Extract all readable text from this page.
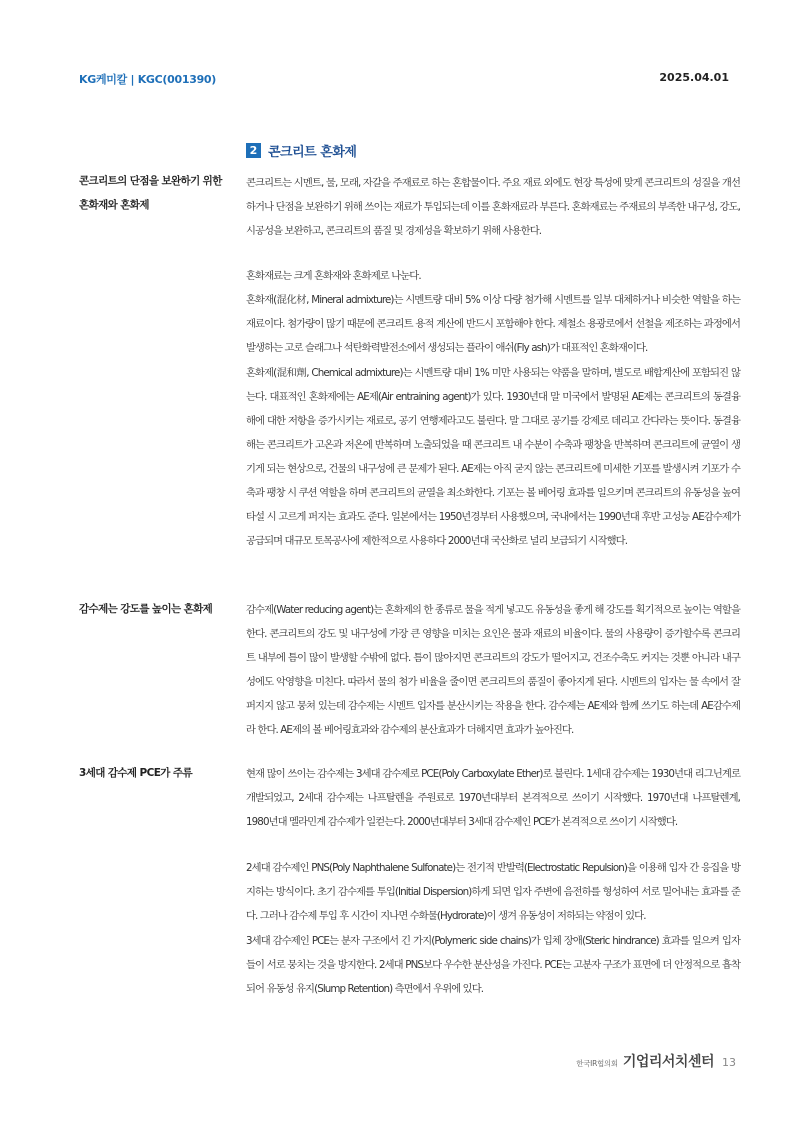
KG케미칼 | KGC(001390)	2025.04.01
2 콘크리트 혼화제
콘크리트의 단점을 보완하기 위한
혼화재와 혼화제
감수제는 강도를 높이는 혼화제
3세대 감수제 PCE가 주류

콘크리트는 시멘트, 물, 모래, 자갈을 주재료로 하는 혼합물이다. 주요 재료 외에도 현장 특성에 맞게 콘크리트의 성질을 개선하거나 단점을 보완하기 위해 쓰이는 재료가 투입되는데 이를 혼화재료라 부른다. 혼화재료는 주재료의 부족한 내구성, 강도, 시공성을 보완하고, 콘크리트의 품질 및 경제성을 확보하기 위해 사용한다.

혼화재료는 크게 혼화재와 혼화제로 나눈다.

혼화재(混化材, Mineral admixture)는 시멘트량 대비 5% 이상 다량 첨가해 시멘트를 일부 대체하거나 비슷한 역할을 하는 재료이다. 첨가량이 많기 때문에 콘크리트 용적 계산에 반드시 포함해야 한다. 제철소 용광로에서 선철을 제조하는 과정에서 발생하는 고로 슬래그나 석탄화력발전소에서 생성되는 플라이 애쉬(Fly ash)가 대표적인 혼화재이다.

혼화제(混和劑, Chemical admixture)는 시멘트량 대비 1% 미만 사용되는 약품을 말하며, 별도로 배합계산에 포함되진 않는다. 대표적인 혼화제에는 AE제(Air entraining agent)가 있다. 1930년대 말 미국에서 발명된 AE제는 콘크리트의 동결융해에 대한 저항을 증가시키는 재료로, 공기 연행제라고도 불린다. 말 그대로 공기를 강제로 데리고 간다라는 뜻이다. 동결융해는 콘크리트가 고온과 저온에 반복하며 노출되었을 때 콘크리트 내 수분이 수축과 팽창을 반복하며 콘크리트에 균열이 생기게 되는 현상으로, 건물의 내구성에 큰 문제가 된다. AE제는 아직 굳지 않는 콘크리트에 미세한 기포를 발생시켜 기포가 수축과 팽창 시 쿠션 역할을 하며 콘크리트의 균열을 최소화한다. 기포는 볼 베어링 효과를 일으키며 콘크리트의 유동성을 높여 타설 시 고르게 퍼지는 효과도 준다. 일본에서는 1950년경부터 사용했으며, 국내에서는 1990년대 후반 고성능 AE감수제가 공급되며 대규모 토목공사에 제한적으로 사용하다 2000년대 국산화로 널리 보급되기 시작했다.

감수제(Water reducing agent)는 혼화제의 한 종류로 물을 적게 넣고도 유동성을 좋게 해 강도를 획기적으로 높이는 역할을 한다. 콘크리트의 강도 및 내구성에 가장 큰 영향을 미치는 요인은 물과 재료의 비율이다. 물의 사용량이 증가할수록 콘크리트 내부에 틈이 많이 발생할 수밖에 없다. 틈이 많아지면 콘크리트의 강도가 떨어지고, 건조수축도 커지는 것뿐 아니라 내구성에도 악영향을 미친다. 따라서 물의 첨가 비율을 줄이면 콘크리트의 품질이 좋아지게 된다. 시멘트의 입자는 물 속에서 잘 퍼지지 않고 뭉쳐 있는데 감수제는 시멘트 입자를 분산시키는 작용을 한다. 감수제는 AE제와 함께 쓰기도 하는데 AE감수제라 한다. AE제의 볼 베어링효과와 감수제의 분산효과가 더해지면 효과가 높아진다.

현재 많이 쓰이는 감수제는 3세대 감수제로 PCE(Poly Carboxylate Ether)로 불린다. 1세대 감수제는 1930년대 리그닌계로 개발되었고, 2세대 감수제는 나프탈렌을 주원료로 1970년대부터 본격적으로 쓰이기 시작했다. 1970년대 나프탈렌계, 1980년대 멜라민계 감수제가 일컫는다. 2000년대부터 3세대 감수제인 PCE가 본격적으로 쓰이기 시작했다.

2세대 감수제인 PNS(Poly Naphthalene Sulfonate)는 전기적 반발력(Electrostatic Repulsion)을 이용해 입자 간 응집을 방지하는 방식이다. 초기 감수제를 투입(Initial Dispersion)하게 되면 입자 주변에 음전하를 형성하여 서로 밀어내는 효과를 준다. 그러나 감수제 투입 후 시간이 지나면 수화물(Hydrorate)이 생겨 유동성이 저하되는 약점이 있다.

3세대 감수제인 PCE는 분자 구조에서 긴 가지(Polymeric side chains)가 입체 장애(Steric hindrance) 효과를 일으켜 입자들이 서로 뭉치는 것을 방지한다. 2세대 PNS보다 우수한 분산성을 가진다. PCE는 고분자 구조가 표면에 더 안정적으로 흡착되어 유동성 유지(Slump Retention) 측면에서 우위에 있다.

한국IR협의회 기업리서치센터 13
